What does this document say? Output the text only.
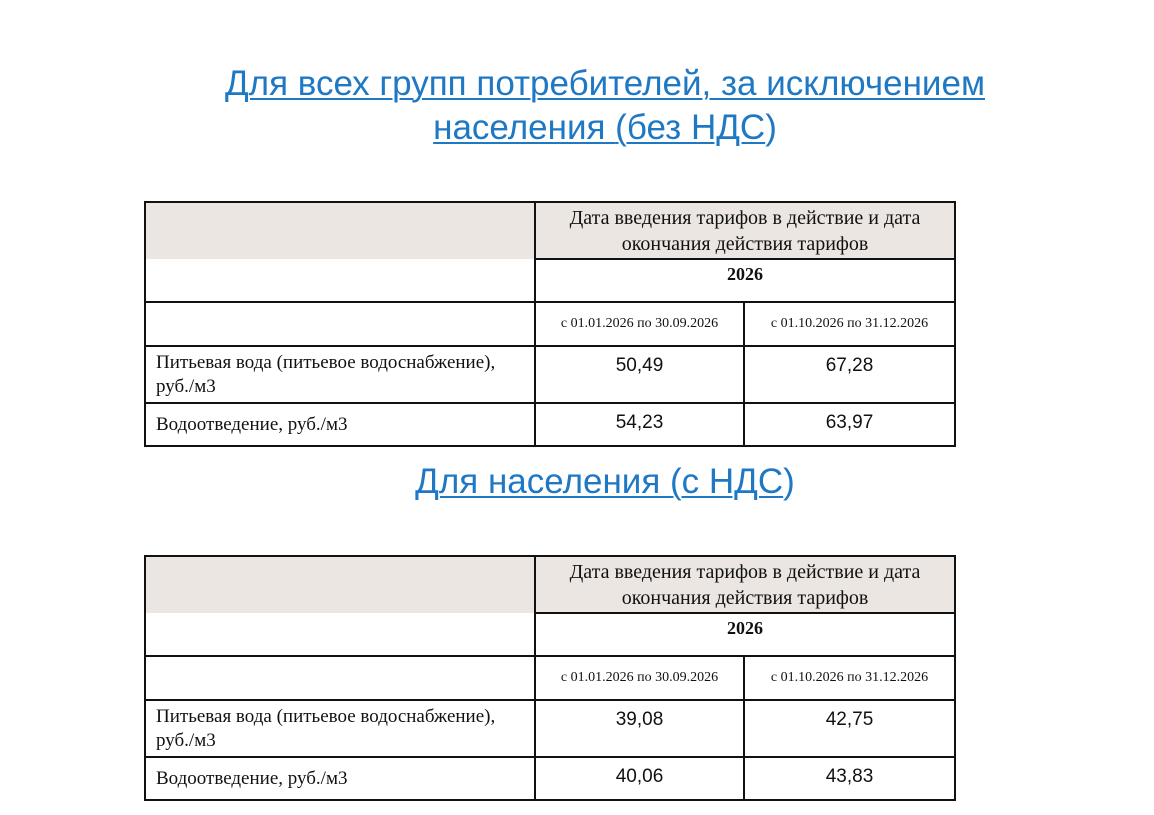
Для всех групп потребителей, за исключением
населения (без НДС)
	Дата введения тарифов в действие и дата окончания действия тарифов	
	2026	
	с 01.01.2026 по 30.09.2026	с 01.10.2026 по 31.12.2026
Питьевая вода (питьевое водоснабжение), руб./м3	50,49	67,28
Водоотведение, руб./м3	54,23	63,97
Для населения (с НДС)
	Дата введения тарифов в действие и дата окончания действия тарифов	
	2026	
	с 01.01.2026 по 30.09.2026	с 01.10.2026 по 31.12.2026
Питьевая вода (питьевое водоснабжение), руб./м3	39,08	42,75
Водоотведение, руб./м3	40,06	43,83
